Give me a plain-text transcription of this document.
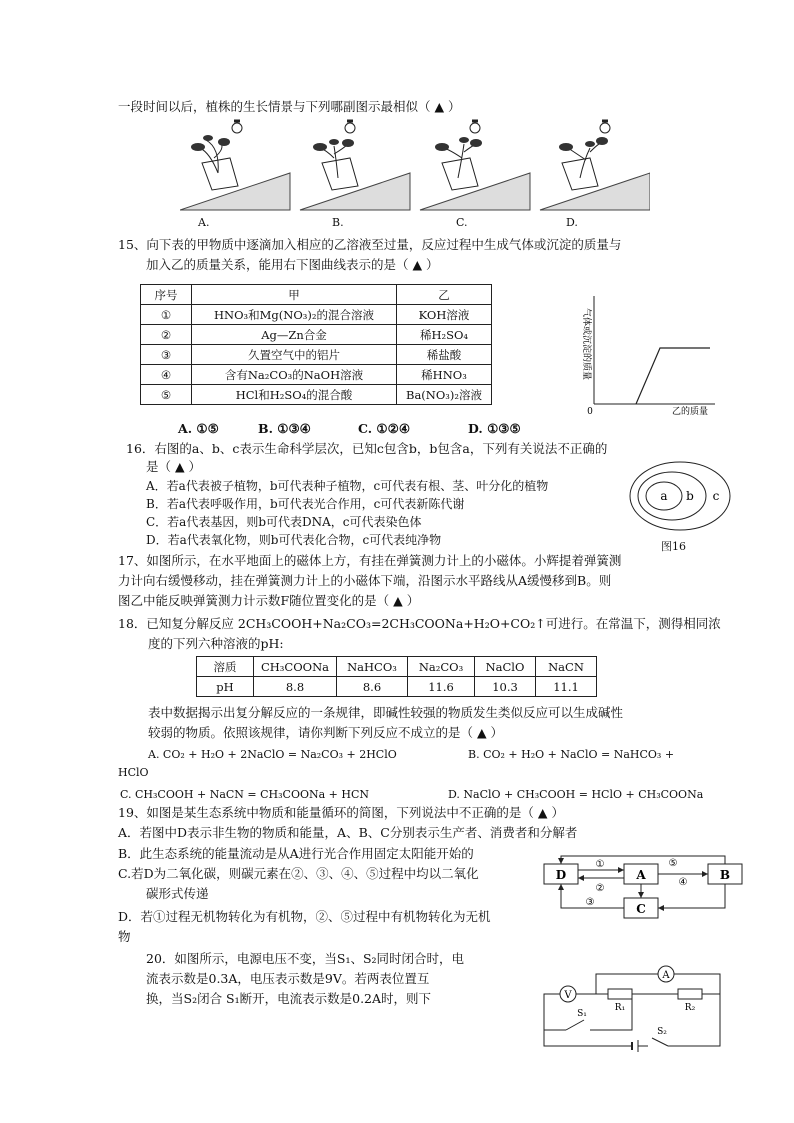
一段时间以后，植株的生长情景与下列哪副图示最相似（ ▲ ）
A.	B.	C.	D.
15、向下表的甲物质中逐滴加入相应的乙溶液至过量，反应过程中生成气体或沉淀的质量与
加入乙的质量关系，能用右下图曲线表示的是（ ▲ ）
序号	甲	乙
①	HNO₃和Mg(NO₃)₂的混合溶液	KOH溶液
②	Ag—Zn合金	稀H₂SO₄
③	久置空气中的铝片	稀盐酸
④	含有Na₂CO₃的NaOH溶液	稀HNO₃
⑤	HCl和H₂SO₄的混合酸	Ba(NO₃)₂溶液
0	乙的质量
气体或沉淀的质量
A. ①⑤	B. ①③④	C. ①②④	D. ①③⑤
16．右图的a、b、c表示生命科学层次，已知c包含b，b包含a，下列有关说法不正确的
是（ ▲ ）
A．若a代表被子植物，b可代表种子植物，c可代表有根、茎、叶分化的植物
B．若a代表呼吸作用，b可代表光合作用，c可代表新陈代谢
C．若a代表基因，则b可代表DNA，c可代表染色体
D．若a代表氧化物，则b可代表化合物，c可代表纯净物
a b c
图16
17、如图所示，在水平地面上的磁体上方，有挂在弹簧测力计上的小磁体。小辉提着弹簧测
力计向右缓慢移动，挂在弹簧测力计上的小磁体下端，沿图示水平路线从A缓慢移到B。则
图乙中能反映弹簧测力计示数F随位置变化的是（ ▲ ）
18．已知复分解反应 2CH₃COOH+Na₂CO₃=2CH₃COONa+H₂O+CO₂↑可进行。在常温下，测得相同浓
度的下列六种溶液的pH:
溶质	CH₃COONa	NaHCO₃	Na₂CO₃	NaClO	NaCN
pH	8.8	8.6	11.6	10.3	11.1
表中数据揭示出复分解反应的一条规律，即碱性较强的物质发生类似反应可以生成碱性
较弱的物质。依照该规律，请你判断下列反应不成立的是（ ▲ ）
A. CO₂ + H₂O + 2NaClO = Na₂CO₃ + 2HClO	B. CO₂ + H₂O + NaClO = NaHCO₃ +
HClO
C. CH₃COOH + NaCN = CH₃COONa + HCN	D. NaClO + CH₃COOH = HClO + CH₃COONa
19、如图是某生态系统中物质和能量循环的简图，下列说法中不正确的是（ ▲ ）
A．若图中D表示非生物的物质和能量，A、B、C分别表示生产者、消费者和分解者
B．此生态系统的能量流动是从A进行光合作用固定太阳能开始的
C.若D为二氧化碳，则碳元素在②、③、④、⑤过程中均以二氧化
碳形式传递
D．若①过程无机物转化为有机物，②、⑤过程中有机物转化为无机
物
D	A	B
C
①
②
③
④
⑤
20．如图所示，电源电压不变，当S₁、S₂同时闭合时，电
流表示数是0.3A，电压表示数是9V。若两表位置互
换，当S₂闭合 S₁断开，电流表示数是0.2A时，则下	V
A
R₁	R₂
S₁
S₂
